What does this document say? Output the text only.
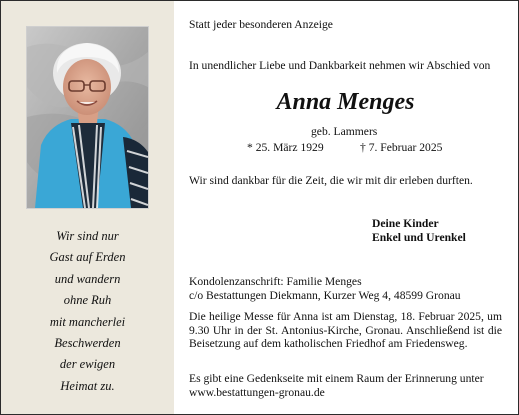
Wir sind nur
Gast auf Erden
und wandern
ohne Ruh
mit mancherlei
Beschwerden
der ewigen
Heimat zu.
Statt jeder besonderen Anzeige
In unendlicher Liebe und Dankbarkeit nehmen wir Abschied von
Anna Menges
geb. Lammers
* 25. März 1929	† 7. Februar 2025
Wir sind dankbar für die Zeit, die wir mit dir erleben durften.
Deine Kinder
Enkel und Urenkel
Kondolenzanschrift: Familie Menges
c/o Bestattungen Diekmann, Kurzer Weg 4, 48599 Gronau
Die heilige Messe für Anna ist am Dienstag, 18. Februar 2025, um 9.30 Uhr in der St. Antonius-Kirche, Gronau. Anschließend ist die Beisetzung auf dem katholischen Friedhof am Friedensweg.
Es gibt eine Gedenkseite mit einem Raum der Erinnerung unter
www.bestattungen-gronau.de
